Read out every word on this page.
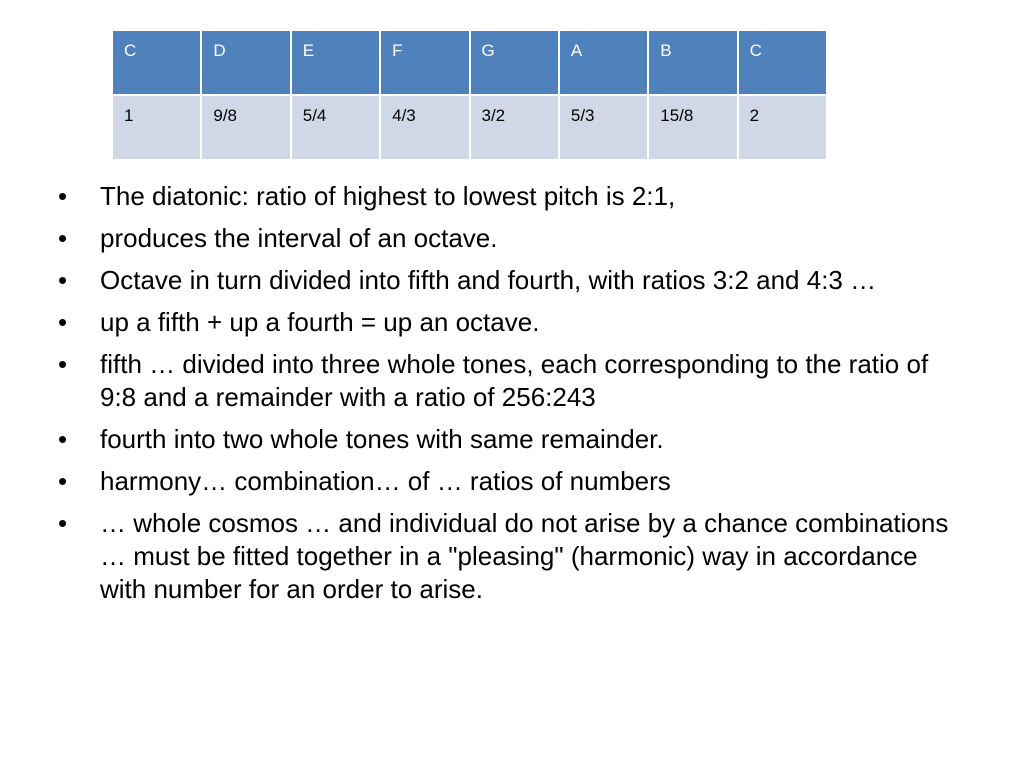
C	D	E	F	G	A	B	C
1	9/8	5/4	4/3	3/2	5/3	15/8	2
• The diatonic: ratio of highest to lowest pitch is 2:1,
• produces the interval of an octave.
• Octave in turn divided into fifth and fourth, with ratios 3:2 and 4:3 …
• up a fifth + up a fourth = up an octave.
• fifth … divided into three whole tones, each corresponding to the ratio of 9:8 and a remainder with a ratio of 256:243
• fourth into two whole tones with same remainder.
• harmony… combination… of … ratios of numbers
• … whole cosmos … and individual do not arise by a chance combinations … must be fitted together in a "pleasing" (harmonic) way in accordance with number for an order to arise.
